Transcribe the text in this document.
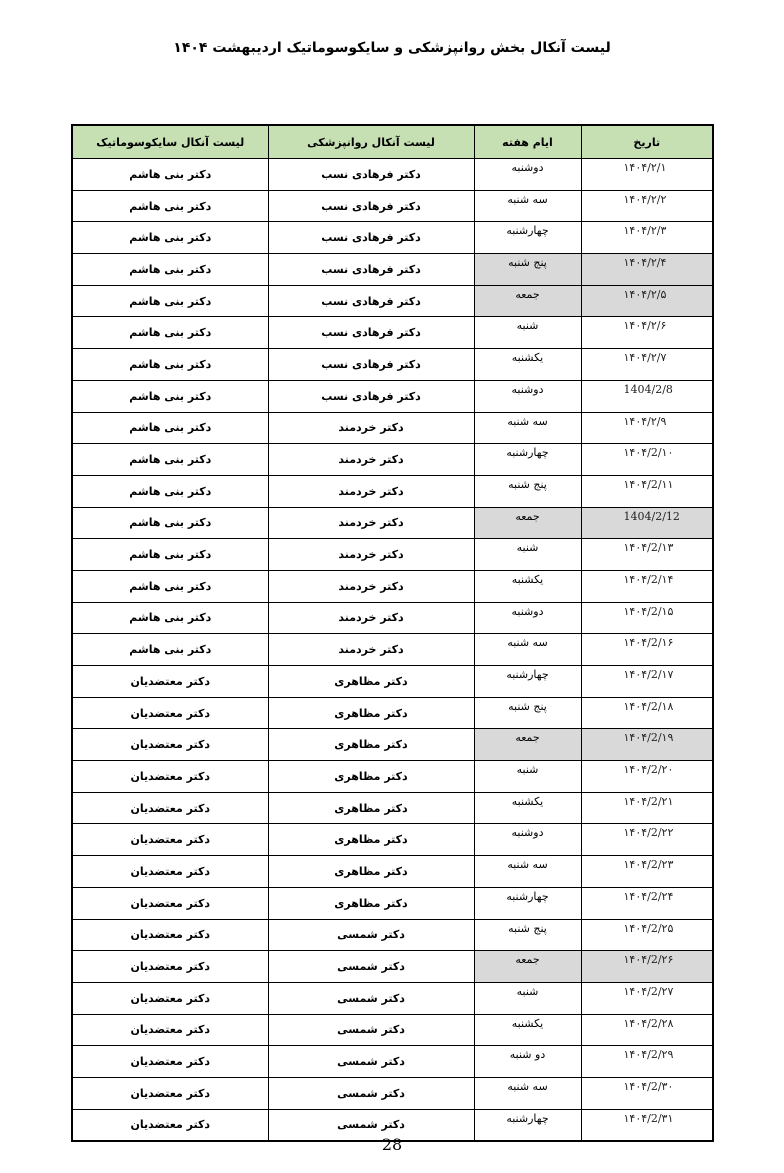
لیست آنکال بخش روانپزشکی و سایکوسوماتیک اردیبهشت ۱۴۰۴
تاریخ	ایام هفته	لیست آنکال روانپزشکی	لیست آنکال سایکوسوماتیک
۱۴۰۴/۲/۱	دوشنبه	دکتر فرهادی نسب	دکتر بنی هاشم
۱۴۰۴/۲/۲	سه شنبه	دکتر فرهادی نسب	دکتر بنی هاشم
۱۴۰۴/۲/۳	چهارشنبه	دکتر فرهادی نسب	دکتر بنی هاشم
۱۴۰۴/۲/۴	پنج شنبه	دکتر فرهادی نسب	دکتر بنی هاشم
۱۴۰۴/۲/۵	جمعه	دکتر فرهادی نسب	دکتر بنی هاشم
۱۴۰۴/۲/۶	شنبه	دکتر فرهادی نسب	دکتر بنی هاشم
۱۴۰۴/۲/۷	یکشنبه	دکتر فرهادی نسب	دکتر بنی هاشم
1404/2/8	دوشنبه	دکتر فرهادی نسب	دکتر بنی هاشم
۱۴۰۴/۲/۹	سه شنبه	دکتر خردمند	دکتر بنی هاشم
۱۴۰۴/2/۱۰	چهارشنبه	دکتر خردمند	دکتر بنی هاشم
۱۴۰۴/2/۱۱	پنج شنبه	دکتر خردمند	دکتر بنی هاشم
1404/2/12	جمعه	دکتر خردمند	دکتر بنی هاشم
۱۴۰۴/2/۱۳	شنبه	دکتر خردمند	دکتر بنی هاشم
۱۴۰۴/2/۱۴	یکشنبه	دکتر خردمند	دکتر بنی هاشم
۱۴۰۴/2/۱۵	دوشنبه	دکتر خردمند	دکتر بنی هاشم
۱۴۰۴/2/۱۶	سه شنبه	دکتر خردمند	دکتر بنی هاشم
۱۴۰۴/2/۱۷	چهارشنبه	دکتر مظاهری	دکتر معتضدیان
۱۴۰۴/2/۱۸	پنج شنبه	دکتر مظاهری	دکتر معتضدیان
۱۴۰۴/2/۱۹	جمعه	دکتر مظاهری	دکتر معتضدیان
۱۴۰۴/2/۲۰	شنبه	دکتر مظاهری	دکتر معتضدیان
۱۴۰۴/2/۲۱	یکشنبه	دکتر مظاهری	دکتر معتضدیان
۱۴۰۴/2/۲۲	دوشنبه	دکتر مظاهری	دکتر معتضدیان
۱۴۰۴/2/۲۳	سه شنبه	دکتر مظاهری	دکتر معتضدیان
۱۴۰۴/2/۲۴	چهارشنبه	دکتر مظاهری	دکتر معتضدیان
۱۴۰۴/2/۲۵	پنج شنبه	دکتر شمسی	دکتر معتضدیان
۱۴۰۴/2/۲۶	جمعه	دکتر شمسی	دکتر معتضدیان
۱۴۰۴/2/۲۷	شنبه	دکتر شمسی	دکتر معتضدیان
۱۴۰۴/2/۲۸	یکشنبه	دکتر شمسی	دکتر معتضدیان
۱۴۰۴/2/۲۹	دو شنبه	دکتر شمسی	دکتر معتضدیان
۱۴۰۴/2/۳۰	سه شنبه	دکتر شمسی	دکتر معتضدیان
۱۴۰۴/2/۳۱	چهارشنبه	دکتر شمسی	دکتر معتضدیان
28
